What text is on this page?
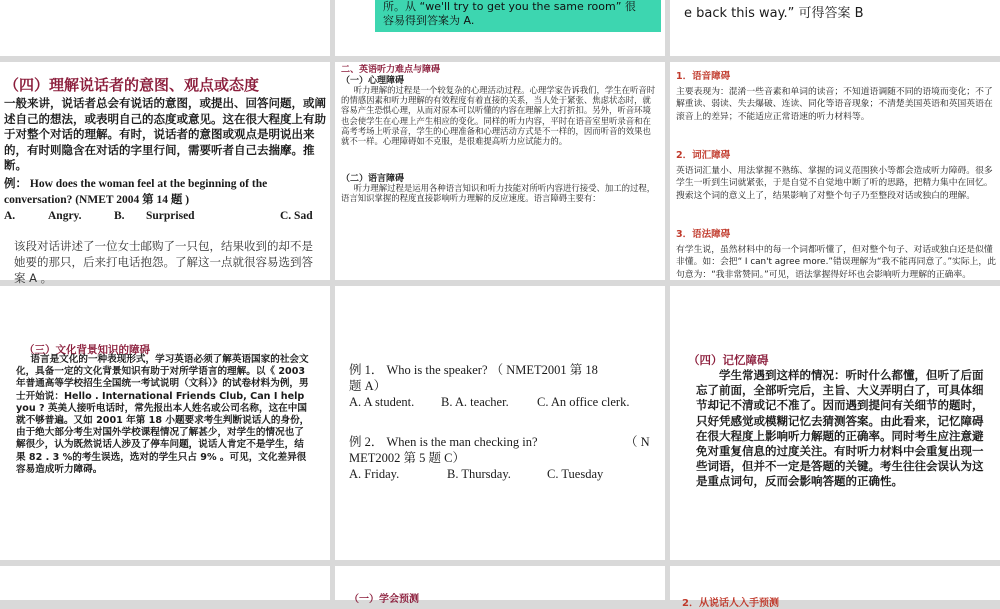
所。从 “we'll try to get you the same room” 很
容易得到答案为 A.	e back this way.” 可得答案 B
（四）理解说话者的意图、观点或态度
一般来讲，说话者总会有说话的意图，或提出、回答问题，或阐述自己的想法，或表明自己的态度或意见。这在很大程度上有助于对整个对话的理解。有时，说话者的意图或观点是明说出来的，有时则隐含在对话的字里行间，需要听者自己去揣摩。推断。
例： How does the woman feel at the beginning of the conversation? (NMET 2004 第 14 题 )
A.	Angry.	B. Surprised	C. Sad
该段对话讲述了一位女士邮购了一只包，结果收到的却不是她要的那只，后来打电话抱怨。了解这一点就很容易选到答案 A 。
二、英语听力难点与障碍
（一）心理障碍
听力理解的过程是一个较复杂的心理活动过程。心理学家告诉我们，学生在听音时的情感因素和听力理解的有效程度有着直接的关系，当人处于紧张、焦虑状态时，就容易产生恐惧心理，从而对原本可以听懂的内容在理解上大打折扣。另外，听音环境也会使学生在心理上产生相应的变化。同样的听力内容，平时在语音室里听录音和在高考考场上听录音，学生的心理准备和心理活动方式是不一样的，因而听音的效果也就不一样。心理障碍如不克服，是很难提高听力应试能力的。
（二）语言障碍
听力理解过程是运用各种语言知识和听力技能对所听内容进行接受、加工的过程，语言知识掌握的程度直接影响听力理解的反应速度。语言障碍主要有：
1．语音障碍
主要表现为：混淆一些音素和单词的读音；不知道语调随不同的语境而变化；不了解重读、弱读、失去爆破、连读、同化等语音现象；不清楚美国英语和英国英语在滚音上的差异；不能适应正常语速的听力材料等。
2．词汇障碍
英语词汇量小、用法掌握不熟练、掌握的词义范围狭小等都会造成听力障碍。很多学生一听到生词就紧张，于是自觉不自觉地中断了听的思路，把精力集中在回忆。搜索这个词的意义上了，结果影响了对整个句子乃至整段对话或独白的理解。
3．语法障碍
有学生说，虽然材料中的每一个词都听懂了，但对整个句子、对话或独白还是似懂非懂。如：会把“ I can't agree more.”错误理解为“我不能再同意了。”实际上，此句意为：“我非常赞同。”可见，语法掌握得好坏也会影响听力理解的正确率。
（三）文化背景知识的障碍
语言是文化的一种表现形式，学习英语必须了解英语国家的社会文化，具备一定的文化背景知识有助于对所学语言的理解。以《 2003 年普通高等学校招生全国统一考试说明（文科）》的试卷材料为例，男士开始说：Hello . International Friends Club, Can I help you ? 英美人接听电话时，常先报出本人姓名或公司名称，这在中国就不够普遍。又如 2001 年第 18 小题要求考生判断说话人的身份，由于绝大部分考生对国外学校课程情况了解甚少，对学生的情况也了解很少，认为既然说话人涉及了停车问题，说话人肯定不是学生，结果 82 . 3 %的考生误选，选对的学生只占 9% 。可见，文化差异很容易造成听力障碍。
例 1． Who is the speaker? （ NMET2001 第 18
题 A）
A. A student. B. A. teacher. C. An office clerk.
例 2． When is the man checking in?	（ N
MET2002 第 5 题 C）
A. Friday.	B. Thursday.	C. Tuesday
（四）记忆障碍
学生常遇到这样的情况：听时什么都懂，但听了后面忘了前面，全部听完后，主旨、大义弄明白了，可具体细节却记不清或记不准了。因而遇到提问有关细节的题时，只好凭感觉或模糊记忆去猜测答案。由此看来，记忆障碍在很大程度上影响听力解题的正确率。同时考生应注意避免对重复信息的过度关注。有时听力材料中会重复出现一些词语，但并不一定是答题的关键。考生往往会误认为这是重点词句，反而会影响答题的正确性。
（一）学会预测	2．从说话人入手预测
